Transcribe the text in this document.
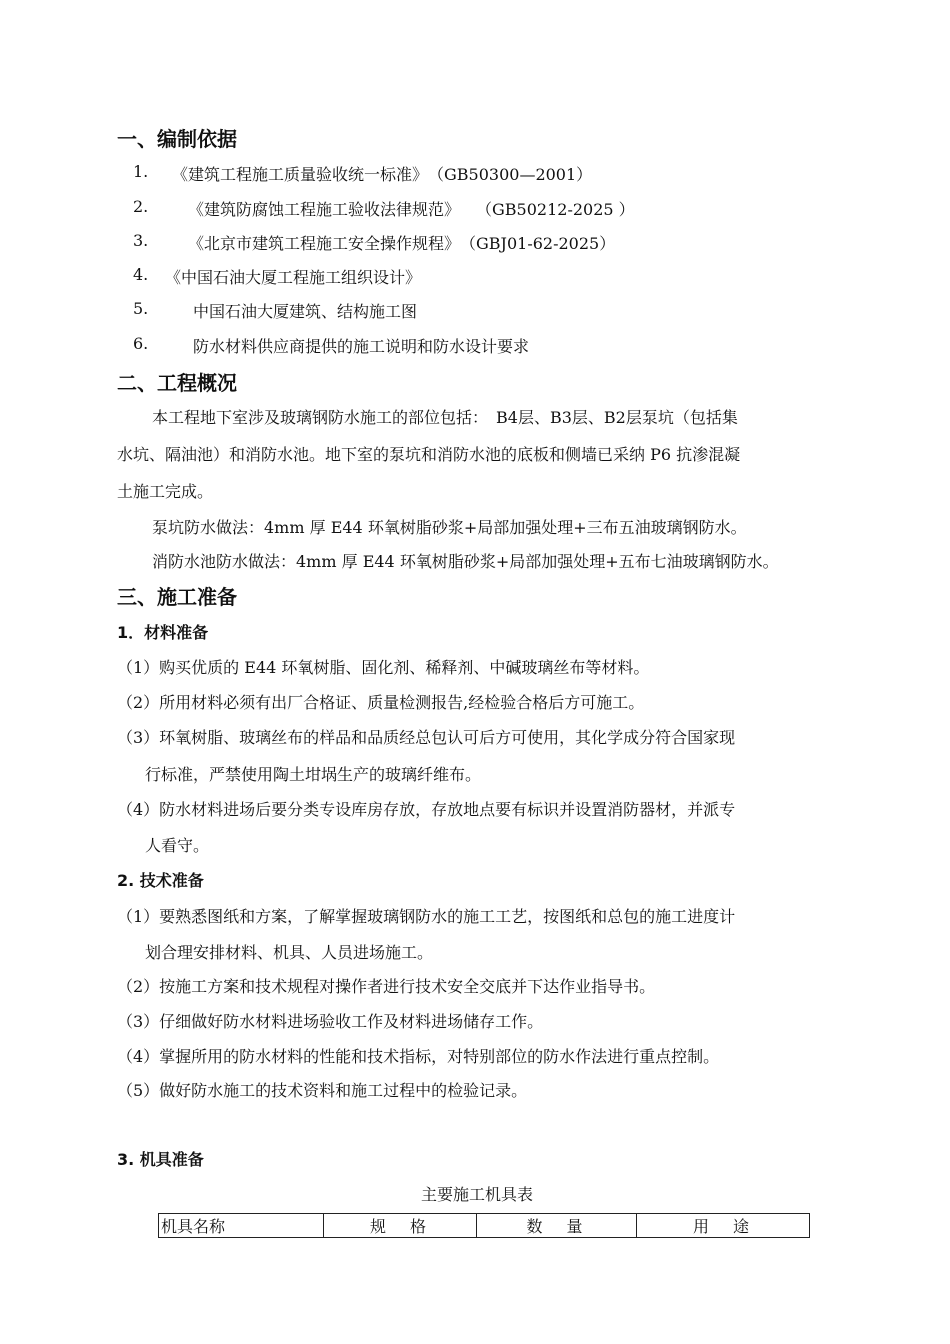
一、编制依据
1. 《建筑工程施工质量验收统一标准》　（GB50300—2001）
2. 《建筑防腐蚀工程施工验收法律规范》　　（GB50212-2025 ）
3. 《北京市建筑工程施工安全操作规程》　（GBJ01-62-2025）
4. 《中国石油大厦工程施工组织设计》
5.	中国石油大厦建筑、结构施工图
6.	防水材料供应商提供的施工说明和防水设计要求
二、工程概况
本工程地下室涉及玻璃钢防水施工的部位包括：　B4层、B3层、B2层泵坑（包括集
水坑、隔油池）和消防水池。地下室的泵坑和消防水池的底板和侧墙已采纳 P6 抗渗混凝
土施工完成。
泵坑防水做法：4mm 厚 E44 环氧树脂砂浆+局部加强处理+三布五油玻璃钢防水。
消防水池防水做法：4mm 厚 E44 环氧树脂砂浆+局部加强处理+五布七油玻璃钢防水。
三、施工准备
1．材料准备
（1）购买优质的 E44 环氧树脂、固化剂、稀释剂、中碱玻璃丝布等材料。
（2）所用材料必须有出厂合格证、质量检测报告,经检验合格后方可施工。
（3）环氧树脂、玻璃丝布的样品和品质经总包认可后方可使用，其化学成分符合国家现
行标准，严禁使用陶土坩埚生产的玻璃纤维布。
（4）防水材料进场后要分类专设库房存放，存放地点要有标识并设置消防器材，并派专
人看守。
2. 技术准备
（1）要熟悉图纸和方案，了解掌握玻璃钢防水的施工工艺，按图纸和总包的施工进度计
划合理安排材料、机具、人员进场施工。
（2）按施工方案和技术规程对操作者进行技术安全交底并下达作业指导书。
（3）仔细做好防水材料进场验收工作及材料进场储存工作。
（4）掌握所用的防水材料的性能和技术指标，对特别部位的防水作法进行重点控制。
（5）做好防水施工的技术资料和施工过程中的检验记录。
3. 机具准备
主要施工机具表
机具名称	规　格	数　量	用　途
